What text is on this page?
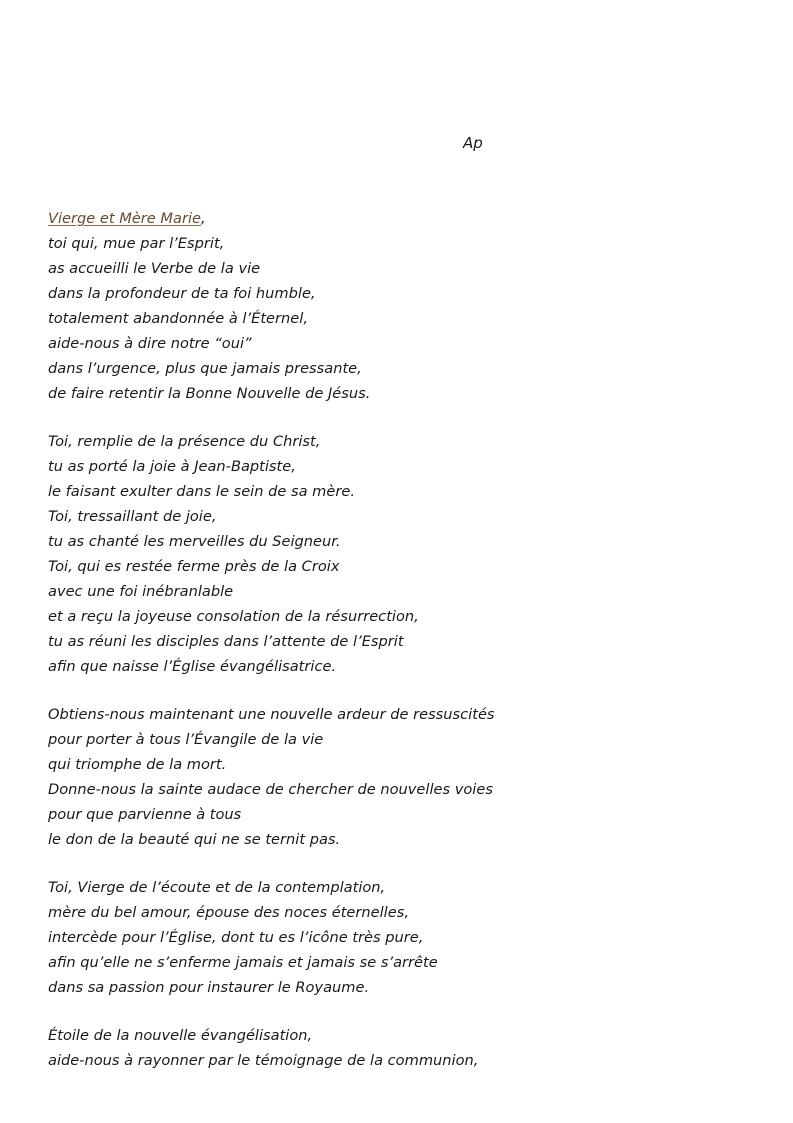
Ap
Vierge et Mère Marie,
toi qui, mue par l’Esprit,
as accueilli le Verbe de la vie
dans la profondeur de ta foi humble,
totalement abandonnée à l’Éternel,
aide-nous à dire notre “oui”
dans l’urgence, plus que jamais pressante,
de faire retentir la Bonne Nouvelle de Jésus.
Toi, remplie de la présence du Christ,
tu as porté la joie à Jean-Baptiste,
le faisant exulter dans le sein de sa mère.
Toi, tressaillant de joie,
tu as chanté les merveilles du Seigneur.
Toi, qui es restée ferme près de la Croix
avec une foi inébranlable
et a reçu la joyeuse consolation de la résurrection,
tu as réuni les disciples dans l’attente de l’Esprit
afin que naisse l’Église évangélisatrice.
Obtiens-nous maintenant une nouvelle ardeur de ressuscités
pour porter à tous l’Évangile de la vie
qui triomphe de la mort.
Donne-nous la sainte audace de chercher de nouvelles voies
pour que parvienne à tous
le don de la beauté qui ne se ternit pas.
Toi, Vierge de l’écoute et de la contemplation,
mère du bel amour, épouse des noces éternelles,
intercède pour l’Église, dont tu es l’icône très pure,
afin qu’elle ne s’enferme jamais et jamais se s’arrête
dans sa passion pour instaurer le Royaume.
Étoile de la nouvelle évangélisation,
aide-nous à rayonner par le témoignage de la communion,
